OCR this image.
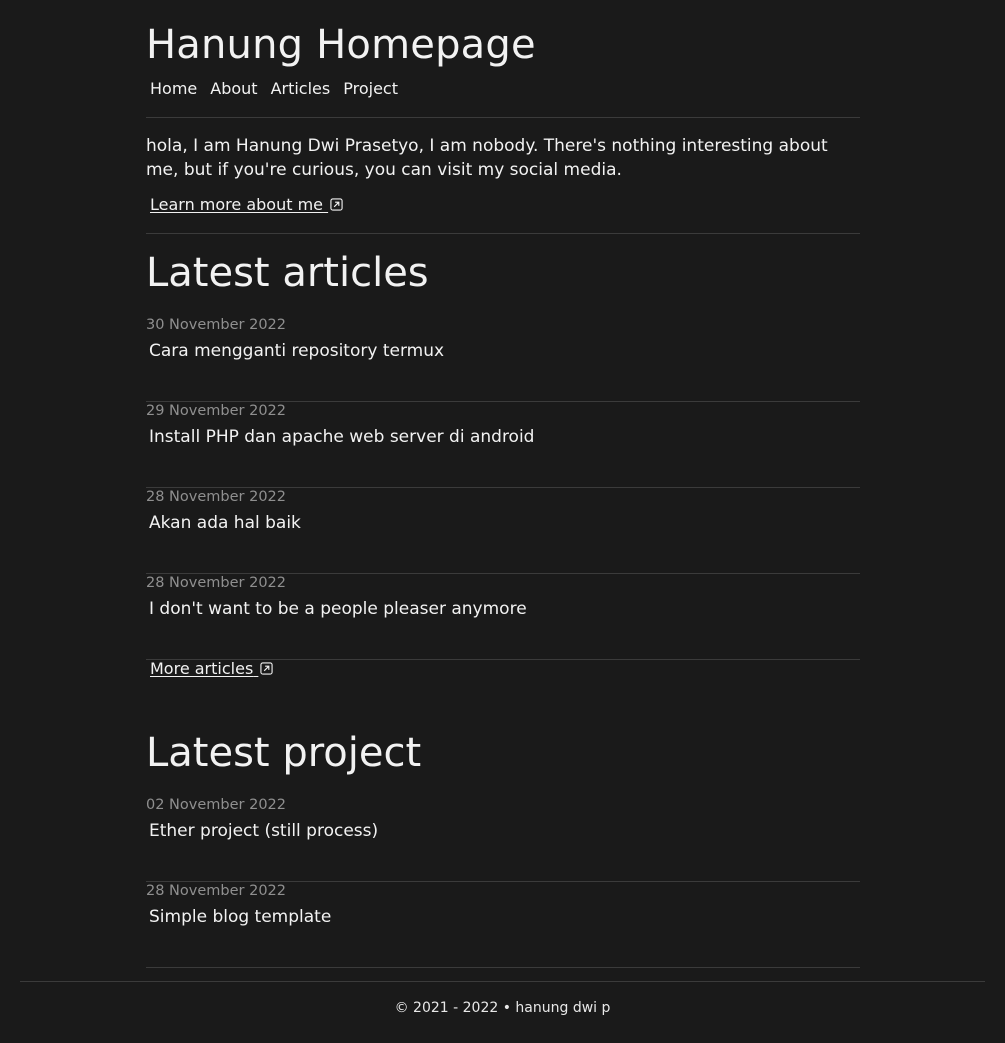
Hanung Homepage
Home About Articles Project

hola, I am Hanung Dwi Prasetyo, I am nobody. There's nothing interesting about me, but if you're curious, you can visit my social media.

Learn more about me
Latest articles
30 November 2022
Cara mengganti repository termux
29 November 2022
Install PHP dan apache web server di android
28 November 2022
Akan ada hal baik
28 November 2022
I don't want to be a people pleaser anymore
More articles
Latest project
02 November 2022
Ether project (still process)
28 November 2022
Simple blog template
© 2021 - 2022 • hanung dwi p
